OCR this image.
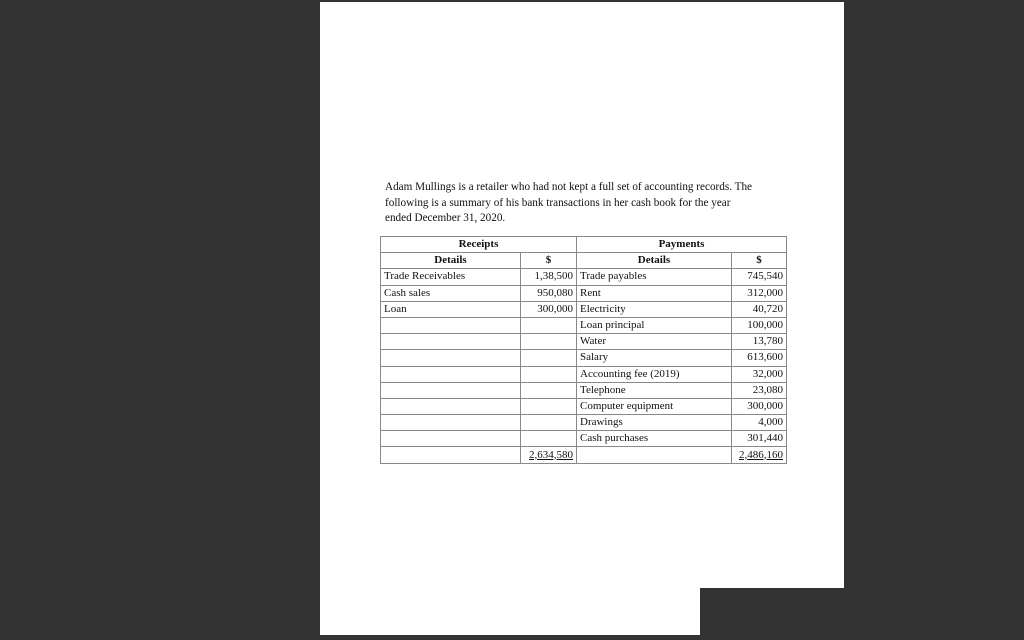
Adam Mullings is a retailer who had not kept a full set of accounting records. The
following is a summary of his bank transactions in her cash book for the year
ended December 31, 2020.
Receipts		Payments	
Details	$	Details	$
Trade Receivables	1,38,500	Trade payables	745,540
Cash sales	950,080	Rent	312,000
Loan	300,000	Electricity	40,720
		Loan principal	100,000
		Water	13,780
		Salary	613,600
		Accounting fee (2019)	32,000
		Telephone	23,080
		Computer equipment	300,000
		Drawings	4,000
		Cash purchases	301,440
	2,634,580		2,486,160
